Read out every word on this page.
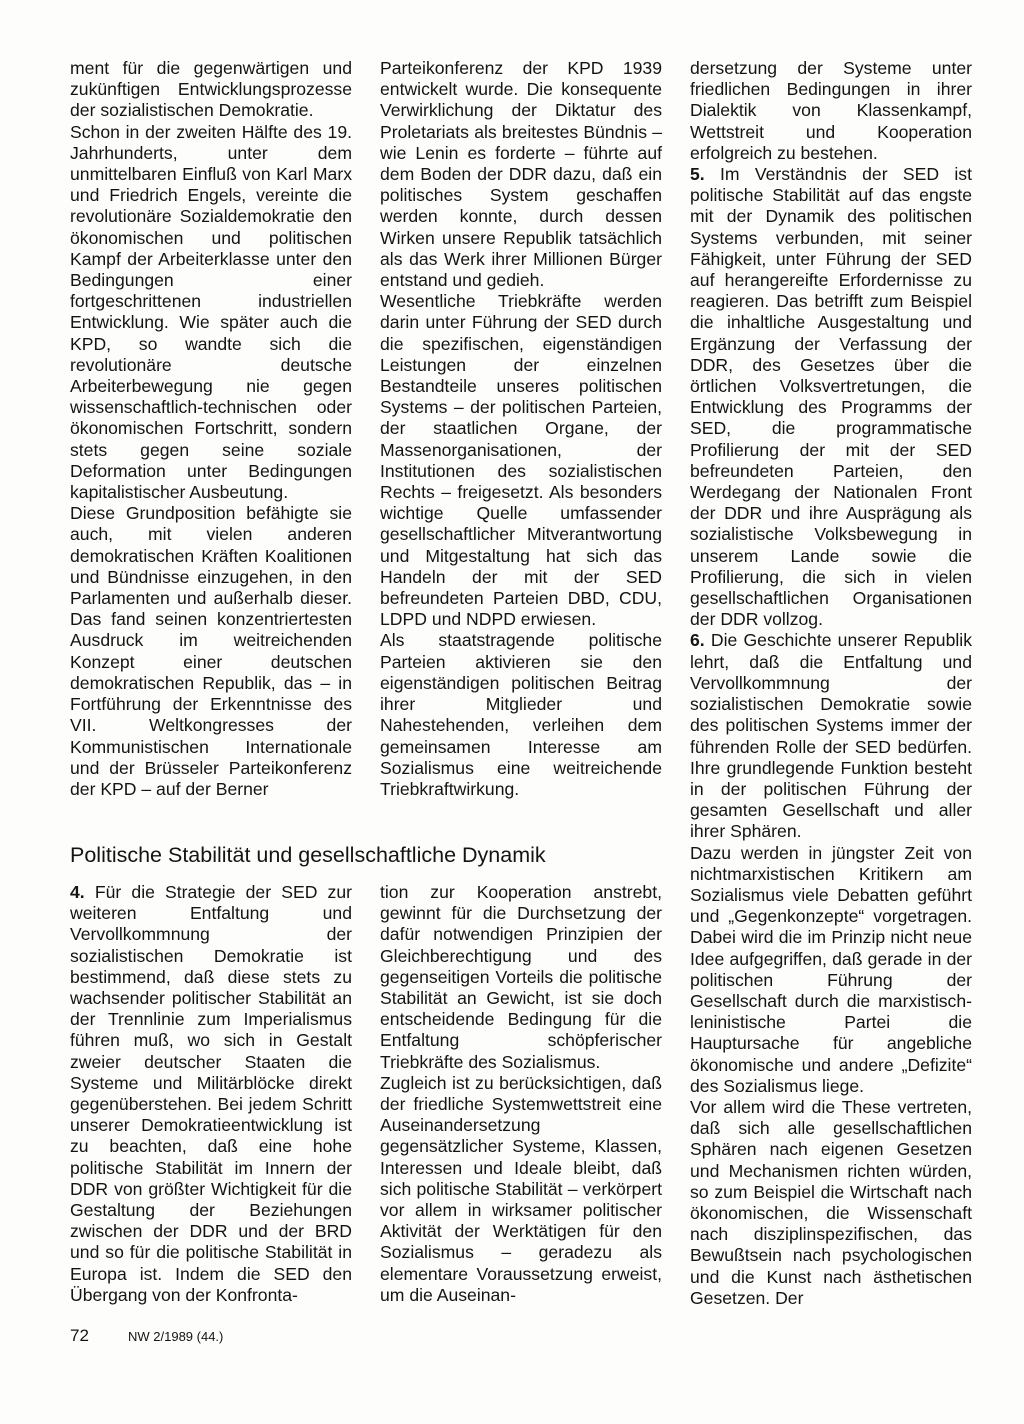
ment für die gegenwärtigen und zukünftigen Entwicklungsprozesse der sozialistischen Demokratie.

Schon in der zweiten Hälfte des 19. Jahrhunderts, unter dem unmittelbaren Einfluß von Karl Marx und Friedrich Engels, vereinte die revolutionäre Sozialdemokratie den ökonomischen und politischen Kampf der Arbeiterklasse unter den Bedingungen einer fortgeschrittenen industriellen Entwicklung. Wie später auch die KPD, so wandte sich die revolutionäre deutsche Arbeiterbewegung nie gegen wissenschaftlich-technischen oder ökonomischen Fortschritt, sondern stets gegen seine soziale Deformation unter Bedingungen kapitalistischer Ausbeutung.

Diese Grundposition befähigte sie auch, mit vielen anderen demokratischen Kräften Koalitionen und Bündnisse einzugehen, in den Parlamenten und außerhalb dieser. Das fand seinen konzentriertesten Ausdruck im weitreichenden Konzept einer deutschen demokratischen Republik, das – in Fortführung der Erkenntnisse des VII. Weltkongresses der Kommunistischen Internationale und der Brüsseler Parteikonferenz der KPD – auf der Berner

Parteikonferenz der KPD 1939 entwickelt wurde. Die konsequente Verwirklichung der Diktatur des Proletariats als breitestes Bündnis – wie Lenin es forderte – führte auf dem Boden der DDR dazu, daß ein politisches System geschaffen werden konnte, durch dessen Wirken unsere Republik tatsächlich als das Werk ihrer Millionen Bürger entstand und gedieh.

Wesentliche Triebkräfte werden darin unter Führung der SED durch die spezifischen, eigenständigen Leistungen der einzelnen Bestandteile unseres politischen Systems – der politischen Parteien, der staatlichen Organe, der Massenorganisationen, der Institutionen des sozialistischen Rechts – freigesetzt. Als besonders wichtige Quelle umfassender gesellschaftlicher Mitverantwortung und Mitgestaltung hat sich das Handeln der mit der SED befreundeten Parteien DBD, CDU, LDPD und NDPD erwiesen.

Als staatstragende politische Parteien aktivieren sie den eigenständigen politischen Beitrag ihrer Mitglieder und Nahestehenden, verleihen dem gemeinsamen Interesse am Sozialismus eine weitreichende Triebkraftwirkung.

dersetzung der Systeme unter friedlichen Bedingungen in ihrer Dialektik von Klassenkampf, Wettstreit und Kooperation erfolgreich zu bestehen.

5. Im Verständnis der SED ist politische Stabilität auf das engste mit der Dynamik des politischen Systems verbunden, mit seiner Fähigkeit, unter Führung der SED auf herangereifte Erfordernisse zu reagieren. Das betrifft zum Beispiel die inhaltliche Ausgestaltung und Ergänzung der Verfassung der DDR, des Gesetzes über die örtlichen Volksvertretungen, die Entwicklung des Programms der SED, die programmatische Profilierung der mit der SED befreundeten Parteien, den Werdegang der Nationalen Front der DDR und ihre Ausprägung als sozialistische Volksbewegung in unserem Lande sowie die Profilierung, die sich in vielen gesellschaftlichen Organisationen der DDR vollzog.

6. Die Geschichte unserer Republik lehrt, daß die Entfaltung und Vervollkommnung der sozialistischen Demokratie sowie des politischen Systems immer der führenden Rolle der SED bedürfen. Ihre grundlegende Funktion besteht in der politischen Führung der gesamten Gesellschaft und aller ihrer Sphären.

Dazu werden in jüngster Zeit von nichtmarxistischen Kritikern am Sozialismus viele Debatten geführt und „Gegenkonzepte“ vorgetragen. Dabei wird die im Prinzip nicht neue Idee aufgegriffen, daß gerade in der politischen Führung der Gesellschaft durch die marxistisch-leninistische Partei die Hauptursache für angebliche ökonomische und andere „Defizite“ des Sozialismus liege.

Vor allem wird die These vertreten, daß sich alle gesellschaftlichen Sphären nach eigenen Gesetzen und Mechanismen richten würden, so zum Beispiel die Wirtschaft nach ökonomischen, die Wissenschaft nach disziplinspezifischen, das Bewußtsein nach psychologischen und die Kunst nach ästhetischen Gesetzen. Der

Politische Stabilität und gesellschaftliche Dynamik

4. Für die Strategie der SED zur weiteren Entfaltung und Vervollkommnung der sozialistischen Demokratie ist bestimmend, daß diese stets zu wachsender politischer Stabilität an der Trennlinie zum Imperialismus führen muß, wo sich in Gestalt zweier deutscher Staaten die Systeme und Militärblöcke direkt gegenüberstehen. Bei jedem Schritt unserer Demokratieentwicklung ist zu beachten, daß eine hohe politische Stabilität im Innern der DDR von größter Wichtigkeit für die Gestaltung der Beziehungen zwischen der DDR und der BRD und so für die politische Stabilität in Europa ist. Indem die SED den Übergang von der Konfronta-

tion zur Kooperation anstrebt, gewinnt für die Durchsetzung der dafür notwendigen Prinzipien der Gleichberechtigung und des gegenseitigen Vorteils die politische Stabilität an Gewicht, ist sie doch entscheidende Bedingung für die Entfaltung schöpferischer Triebkräfte des Sozialismus.

Zugleich ist zu berücksichtigen, daß der friedliche Systemwettstreit eine Auseinandersetzung gegensätzlicher Systeme, Klassen, Interessen und Ideale bleibt, daß sich politische Stabilität – verkörpert vor allem in wirksamer politischer Aktivität der Werktätigen für den Sozialismus – geradezu als elementare Voraussetzung erweist, um die Auseinan-

72	NW 2/1989 (44.)
